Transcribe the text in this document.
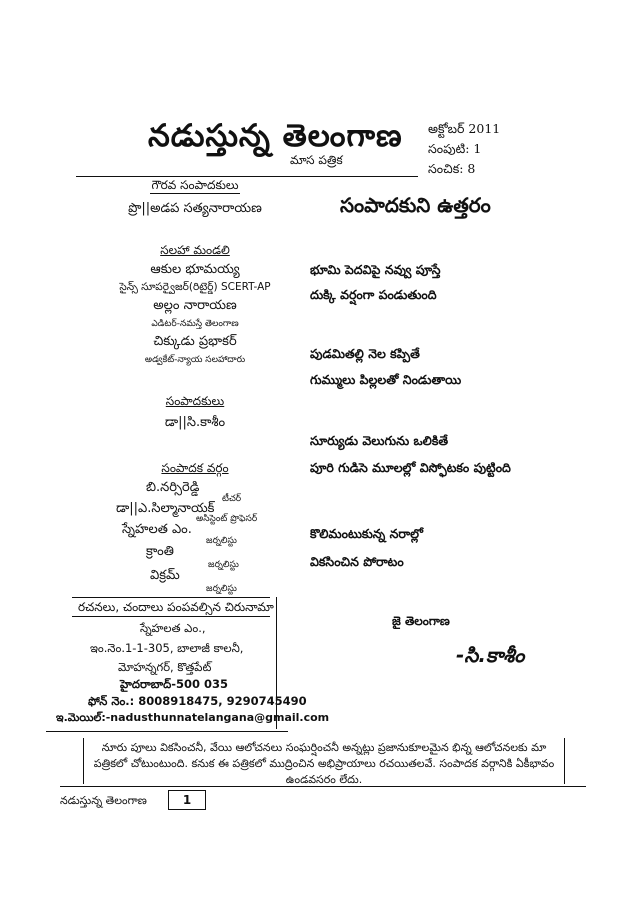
నడుస్తున్న తెలంగాణ
మాస పత్రిక
అక్టోబర్ 2011
సంపుటి: 1
సంచిక: 8
గౌరవ సంపాదకులు
ప్రొ||అడప సత్యనారాయణ
సలహా మండలి
ఆకుల భూమయ్య
సైన్స్ సూపర్వైజర్(రిటైర్డ్) SCERT-AP
అల్లం నారాయణ
ఎడిటర్-నమస్తే తెలంగాణ
చిక్కుడు ప్రభాకర్
అడ్వకేట్-న్యాయ సలహాదారు
సంపాదకులు
డా||సి.కాశీం
సంపాదక వర్గం
బి.నర్సిరెడ్డి
టీచర్
డా||ఎ.సిల్మానాయక్
అసిస్టెంట్ ప్రొఫెసర్
స్నేహలత ఎం.
జర్నలిస్టు
క్రాంతి
జర్నలిస్టు
విక్రమ్
జర్నలిస్టు
రచనలు, చందాలు పంపవల్సిన చిరునామా
స్నేహలత ఎం.,
ఇం.నెం.1-1-305, బాలాజీ కాలనీ,
మోహన్నగర్, కొత్తపేట్
హైదరాబాద్-500 035
ఫోన్ నెం.: 8008918475, 9290745490
ఇ.మెయిల్:-nadusthunnatelangana@gmail.com
సంపాదకుని ఉత్తరం
భూమి పెదవిపై నవ్వు పూస్తే
దుక్కి వర్షంగా పండుతుంది
పుడమితల్లి నెల కప్పితే
గుమ్ములు పిల్లలతో నిండుతాయి
సూర్యుడు వెలుగును ఒలికితే
పూరి గుడిసె మూలల్లో విస్ఫోటకం పుట్టింది
కొలిమంటుకున్న నరాల్లో
వికసించిన పోరాటం
జై తెలంగాణ
-సి.కాశీం
నూరు పూలు వికసించనీ, వేయి ఆలోచనలు సంఘర్షించనీ అన్నట్లు ప్రజానుకూలమైన భిన్న ఆలోచనలకు మా పత్రికలో చోటుంటుంది. కనుక ఈ పత్రికలో ముద్రించిన అభిప్రాయాలు రచయితలవే. సంపాదక వర్గానికి ఏకీభావం ఉండవసరం లేదు.
నడుస్తున్న తెలంగాణ	1
